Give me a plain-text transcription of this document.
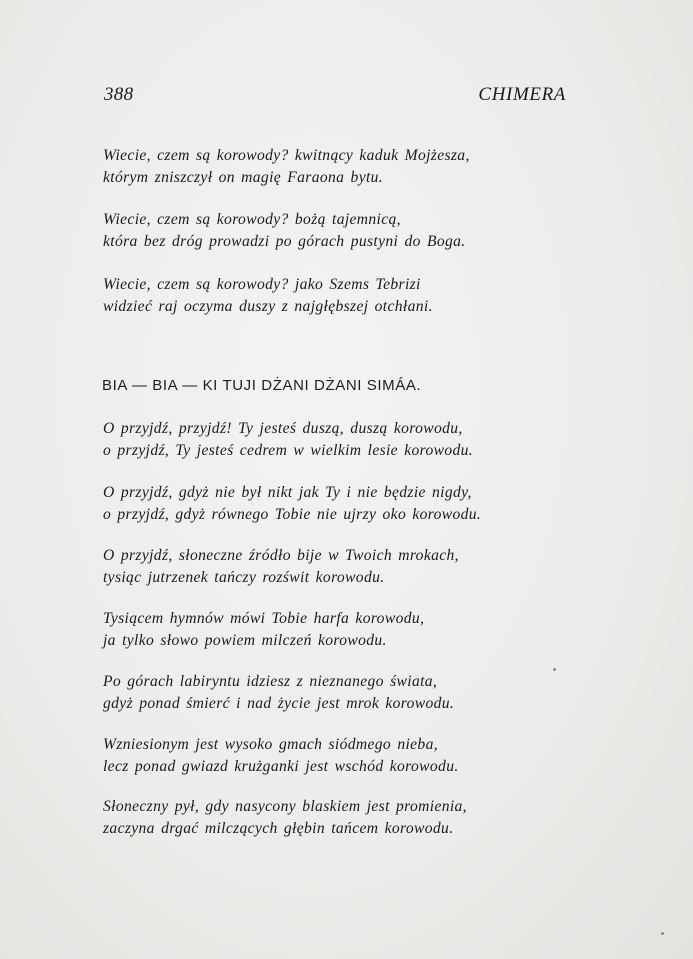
388	CHIMERA
Wiecie, czem są korowody? kwitnący kaduk Mojżesza,
którym zniszczył on magię Faraona bytu.
Wiecie, czem są korowody? bożą tajemnicą,
która bez dróg prowadzi po górach pustyni do Boga.
Wiecie, czem są korowody? jako Szems Tebrizi
widzieć raj oczyma duszy z najgłębszej otchłani.
BIA — BIA — KI TUJI DŻANI DŻANI SIMÁA.
O przyjdź, przyjdź! Ty jesteś duszą, duszą korowodu,
o przyjdź, Ty jesteś cedrem w wielkim lesie korowodu.
O przyjdź, gdyż nie był nikt jak Ty i nie będzie nigdy,
o przyjdź, gdyż równego Tobie nie ujrzy oko korowodu.
O przyjdź, słoneczne źródło bije w Twoich mrokach,
tysiąc jutrzenek tańczy rozświt korowodu.
Tysiącem hymnów mówi Tobie harfa korowodu,
ja tylko słowo powiem milczeń korowodu.
Po górach labiryntu idziesz z nieznanego świata,
gdyż ponad śmierć i nad życie jest mrok korowodu.
Wzniesionym jest wysoko gmach siódmego nieba,
lecz ponad gwiazd krużganki jest wschód korowodu.
Słoneczny pył, gdy nasycony blaskiem jest promienia,
zaczyna drgać milczących głębin tańcem korowodu.
